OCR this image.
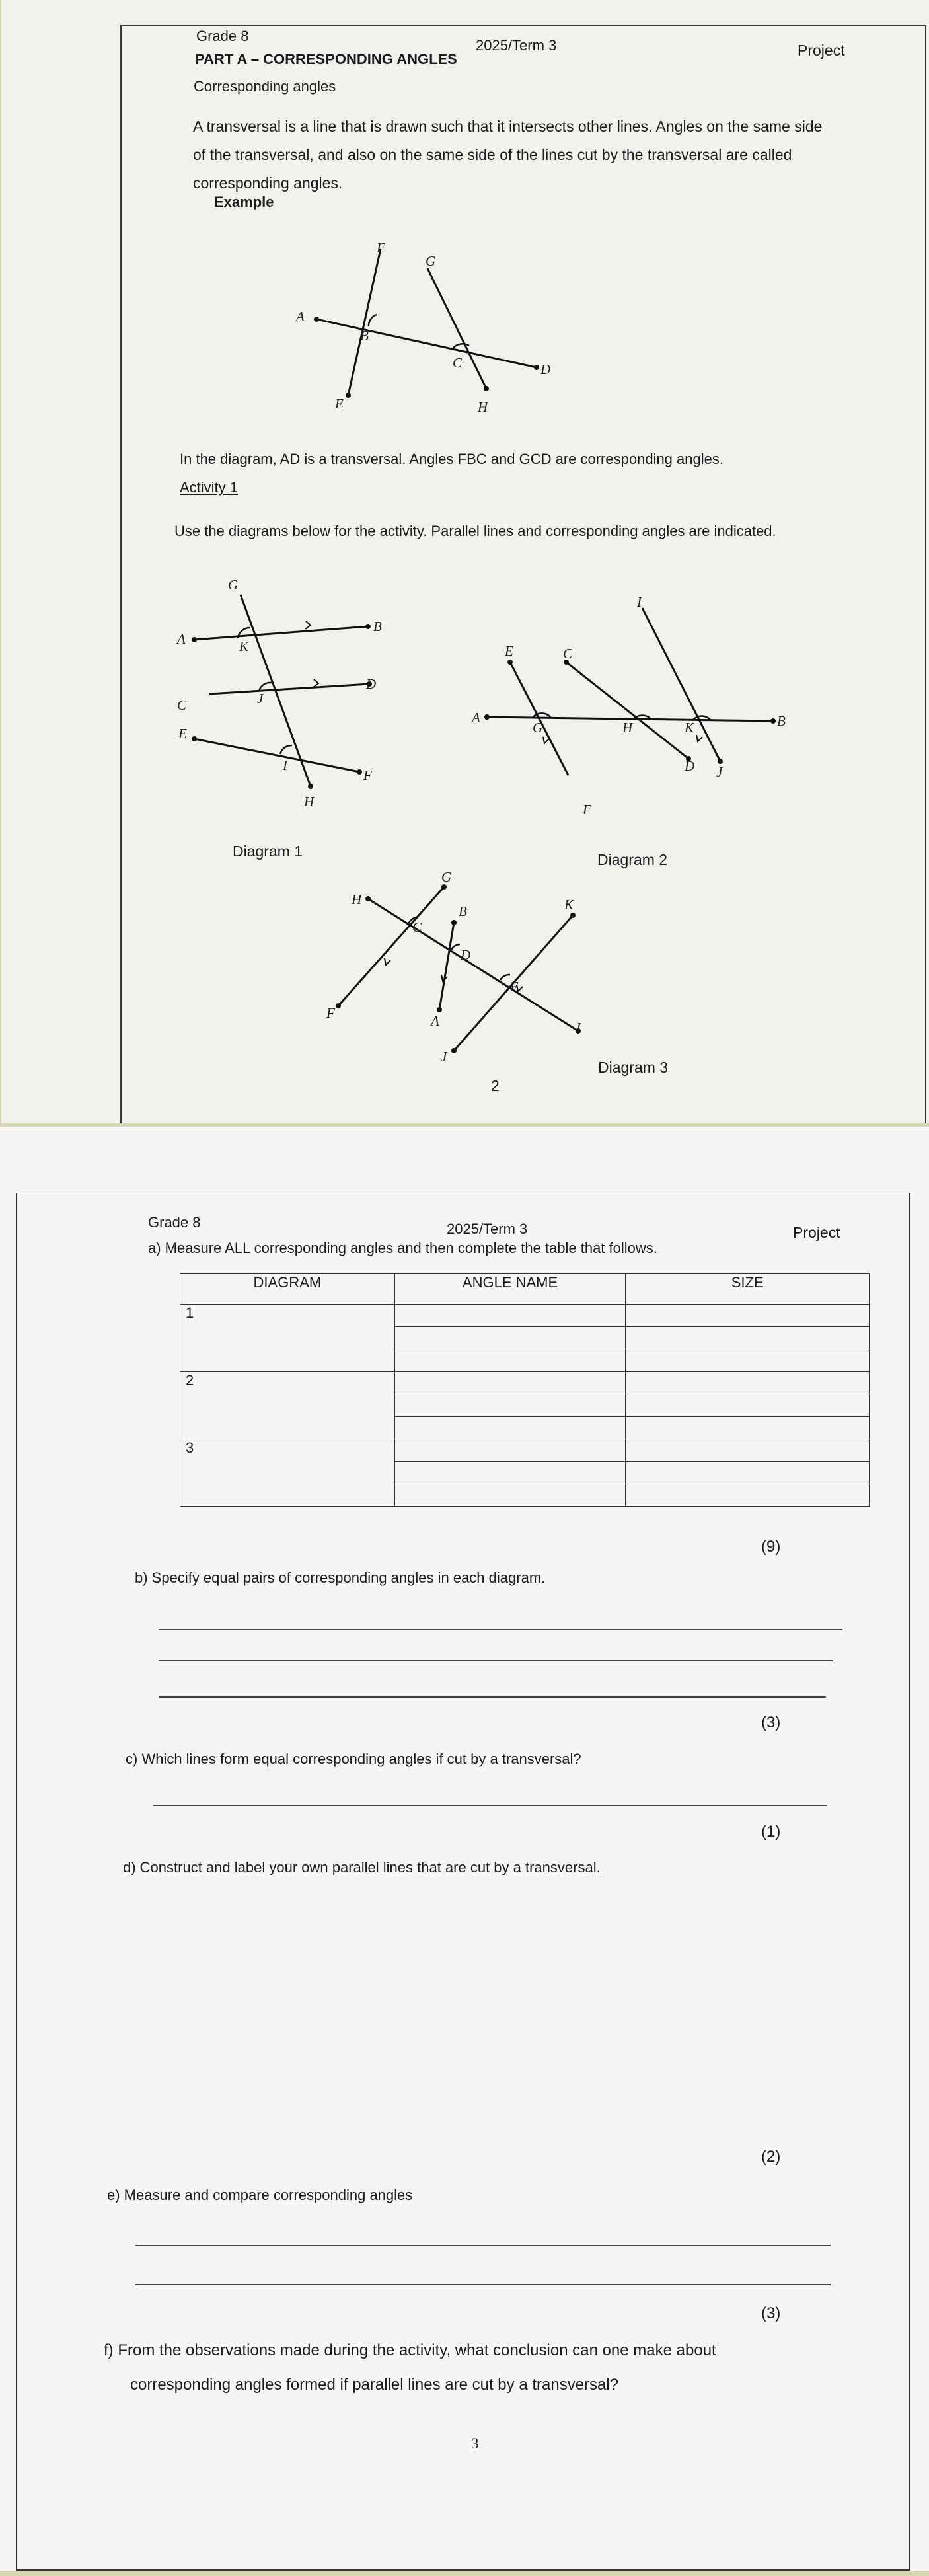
Grade 8
2025/Term 3	Project
PART A – CORRESPONDING ANGLES
Corresponding angles
A transversal is a line that is drawn such that it intersects other lines. Angles on the same side of the transversal, and also on the same side of the lines cut by the transversal are called corresponding angles.
Example
F
G
A
B
C	D
E	H
In the diagram, AD is a transversal. Angles FBC and GCD are corresponding angles.
Activity 1
Use the diagrams below for the activity. Parallel lines and corresponding angles are indicated.
G
A	K
B
C	J
D
E
I
F
H
Diagram 1
I
E	C
A
G	H	K	B
D J
F
Diagram 2
G
H
C
B	K
D
E
F	A
J
I
Diagram 3
2
Grade 8	2025/Term 3	Project
a) Measure ALL corresponding angles and then complete the table that follows.
DIAGRAM	ANGLE NAME	SIZE
1		

2		

3		

(9)
b) Specify equal pairs of corresponding angles in each diagram.
(3)
c) Which lines form equal corresponding angles if cut by a transversal?
(1)
d) Construct and label your own parallel lines that are cut by a transversal.
(2)
e) Measure and compare corresponding angles
(3)
f) From the observations made during the activity, what conclusion can one make about
corresponding angles formed if parallel lines are cut by a transversal?
3
